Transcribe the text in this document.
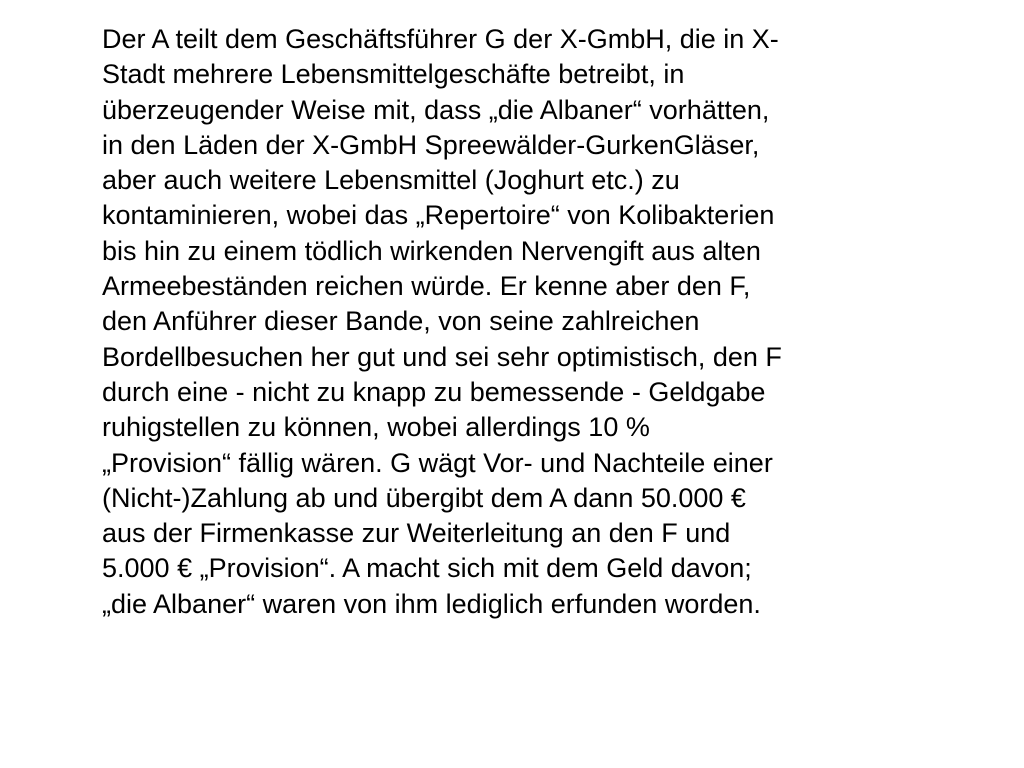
Der A teilt dem Geschäftsführer G der X-GmbH, die in X-
Stadt mehrere Lebensmittelgeschäfte betreibt, in
überzeugender Weise mit, dass „die Albaner“ vorhätten,
in den Läden der X-GmbH Spreewälder-GurkenGläser,
aber auch weitere Lebensmittel (Joghurt etc.) zu
kontaminieren, wobei das „Repertoire“ von Kolibakterien
bis hin zu einem tödlich wirkenden Nervengift aus alten
Armeebeständen reichen würde. Er kenne aber den F,
den Anführer dieser Bande, von seine zahlreichen
Bordellbesuchen her gut und sei sehr optimistisch, den F
durch eine - nicht zu knapp zu bemessende - Geldgabe
ruhigstellen zu können, wobei allerdings 10 %
„Provision“ fällig wären. G wägt Vor- und Nachteile einer
(Nicht-)Zahlung ab und übergibt dem A dann 50.000 €
aus der Firmenkasse zur Weiterleitung an den F und
5.000 € „Provision“. A macht sich mit dem Geld davon;
„die Albaner“ waren von ihm lediglich erfunden worden.
